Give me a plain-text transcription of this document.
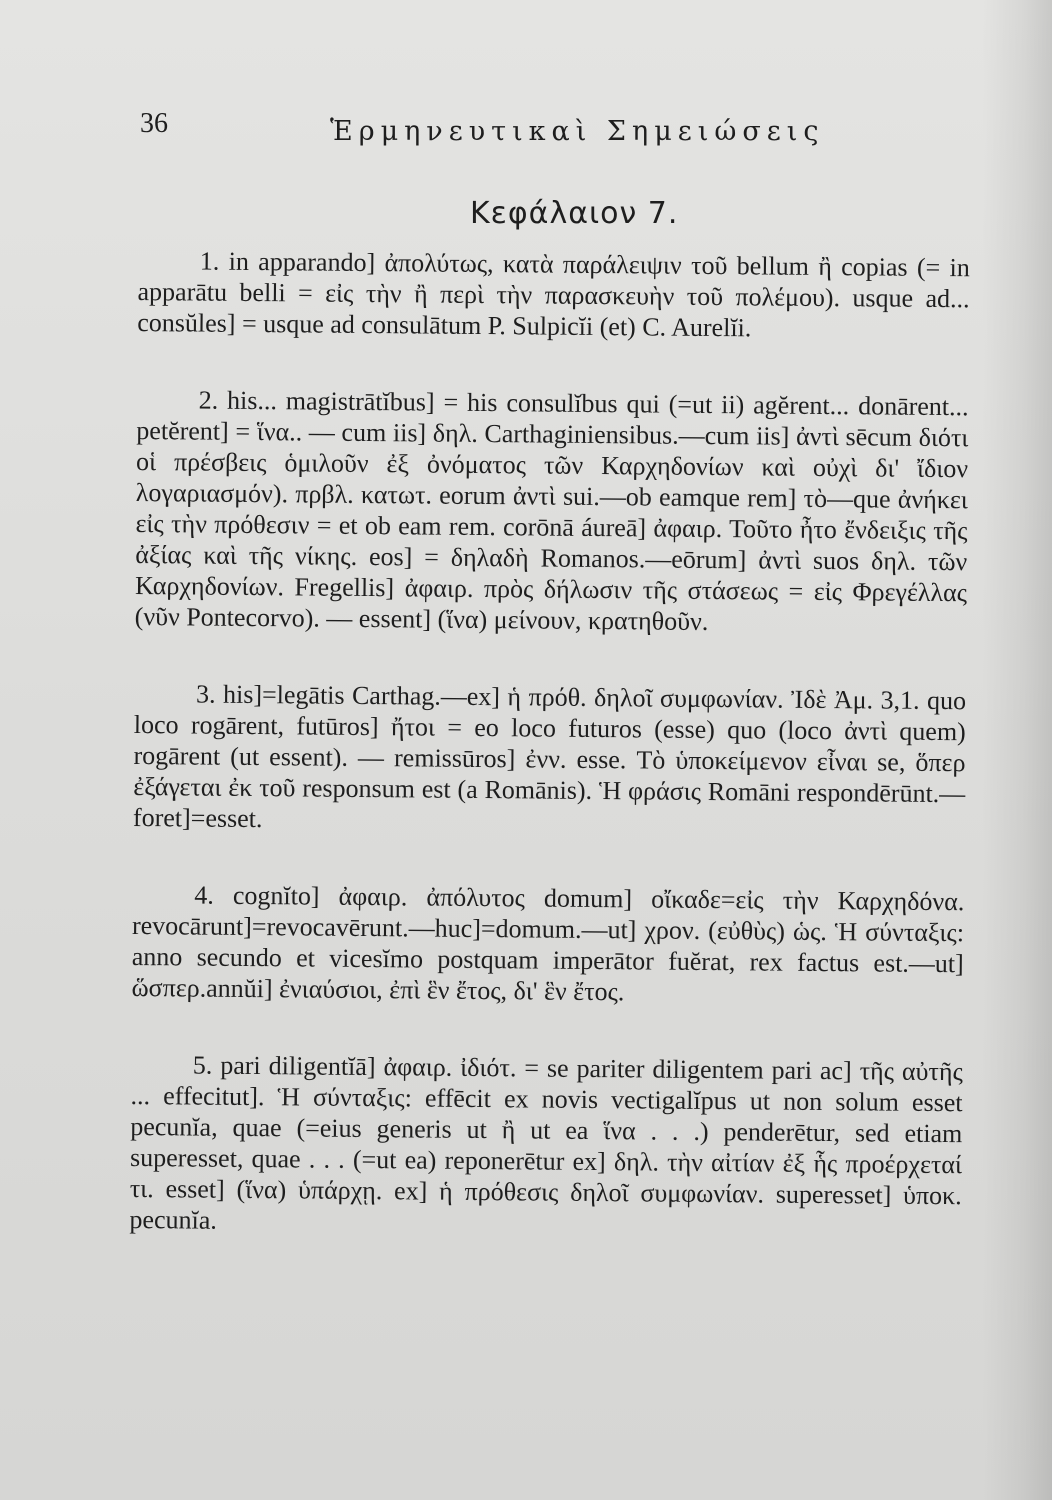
36	Ἑρμηνευτικαὶ Σημειώσεις
Κεφάλαιον 7.

1. in apparando] ἀπολύτως, κατὰ παράλειψιν τοῦ bellum ἢ copias (= in apparātu belli = εἰς τὴν ἢ περὶ τὴν παρασκευὴν τοῦ πολέμου). usque ad... consŭles] = usque ad consulātum P. Sulpicĭi (et) C. Aurelĭi.

2. his... magistrātĭbus] = his consulĭbus qui (=ut ii) agĕrent... donārent... petĕrent] = ἵνα.. — cum iis] δηλ. Carthaginiensibus.—cum iis] ἀντὶ sēcum διότι οἱ πρέσβεις ὁμιλοῦν ἐξ ὀνόματος τῶν Καρχηδονίων καὶ οὐχὶ δι' ἴδιον λογαριασμόν). πρβλ. κατωτ. eorum ἀντὶ sui.—ob eamque rem] τὸ—que ἀνήκει εἰς τὴν πρόθεσιν = et ob eam rem. corōnā áureā] ἀφαιρ. Τοῦτο ἦτο ἔνδειξις τῆς ἀξίας καὶ τῆς νίκης. eos] = δηλαδὴ Romanos.—eōrum] ἀντὶ suos δηλ. τῶν Καρχηδονίων. Fregellis] ἀφαιρ. πρὸς δήλωσιν τῆς στάσεως = εἰς Φρεγέλλας (νῦν Pontecorvo). — essent] (ἵνα) μείνουν, κρατηθοῦν.

3. his]=legātis Carthag.—ex] ἡ πρόθ. δηλοῖ συμφωνίαν. Ἰδὲ Ἀμ. 3,1. quo loco rogārent, futūros] ἤτοι = eo loco futuros (esse) quo (loco ἀντὶ quem) rogārent (ut essent). — remissūros] ἐνν. esse. Τὸ ὑποκείμενον εἶναι se, ὅπερ ἐξάγεται ἐκ τοῦ responsum est (a Romānis). Ἡ φράσις Romāni respondērūnt.—foret]=esset.

4. cognĭto] ἀφαιρ. ἀπόλυτος domum] οἴκαδε=εἰς τὴν Καρχηδόνα. revocārunt]=revocavērunt.—huc]=domum.—ut] χρον. (εὐθὺς) ὡς. Ἡ σύνταξις: anno secundo et vicesĭmo postquam imperātor fuĕrat, rex factus est.—ut] ὥσπερ.annŭi] ἐνιαύσιοι, ἐπὶ ἓν ἔτος, δι' ἓν ἔτος.

5. pari diligentĭā] ἀφαιρ. ἰδιότ. = se pariter diligentem pari ac] τῆς αὐτῆς ... effecitut]. Ἡ σύνταξις: effēcit ex novis vectigalĭpus ut non solum esset pecunĭa, quae (=eius generis ut ἢ ut ea ἵνα . . .) penderētur, sed etiam superesset, quae . . . (=ut ea) reponerētur ex] δηλ. τὴν αἰτίαν ἐξ ἧς προέρχεταί τι. esset] (ἵνα) ὑπάρχῃ. ex] ἡ πρόθεσις δηλοῖ συμφωνίαν. superesset] ὑποκ. pecunĭa.
